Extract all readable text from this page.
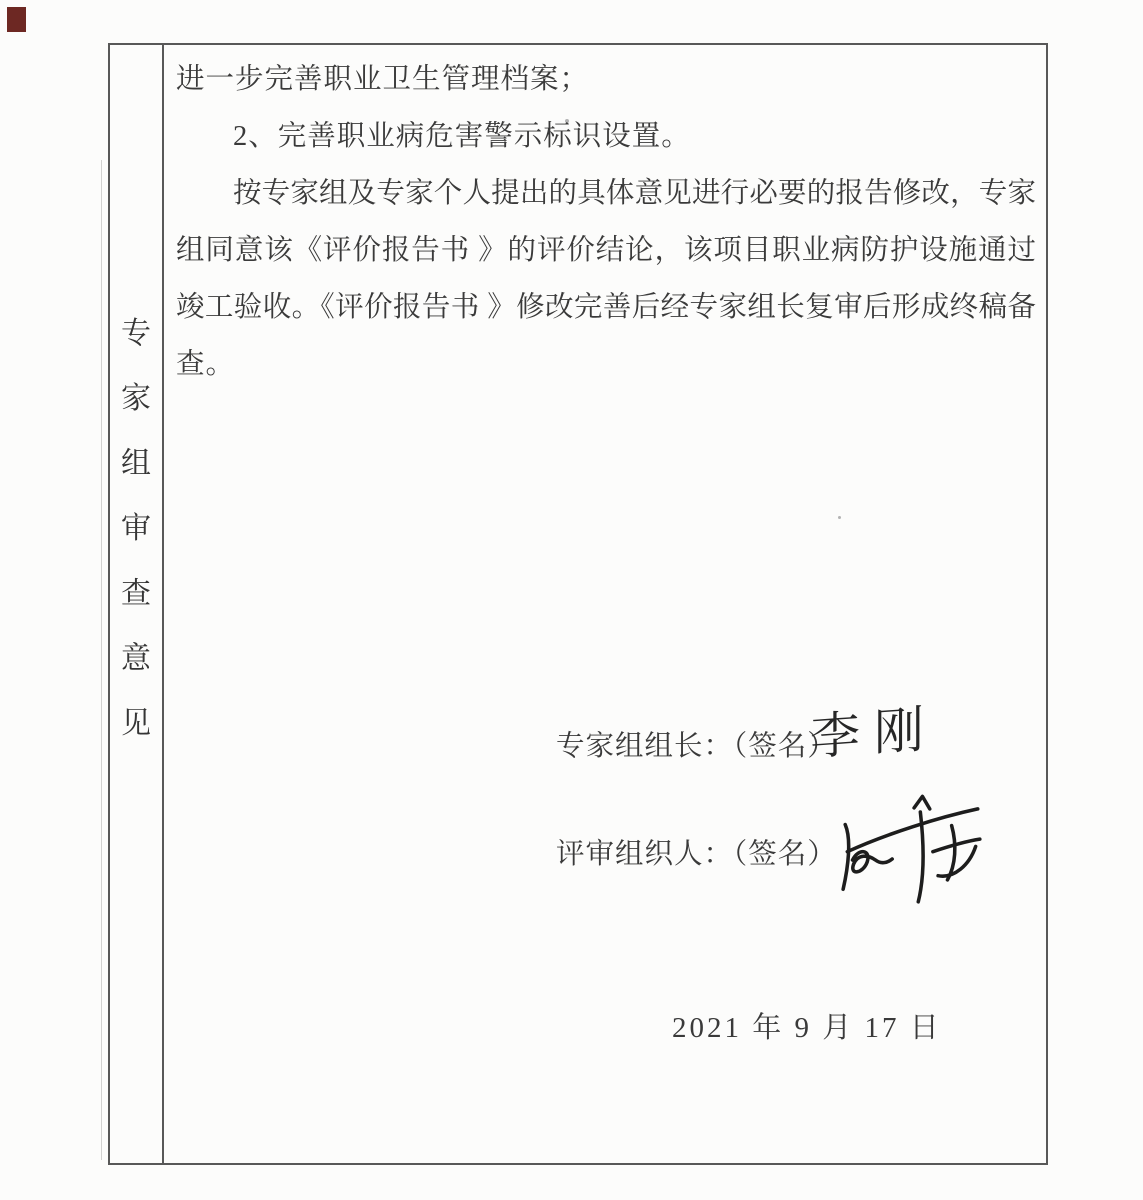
专
家
组
审
查
意
见
进一步完善职业卫生管理档案；
2、完善职业病危害警示标识设置。
按专家组及专家个人提出的具体意见进行必要的报告修改，专家
组同意该《评价报告书 》的评价结论，该项目职业病防护设施通过
竣工验收。《评价报告书 》修改完善后经专家组长复审后形成终稿备
查。
专家组组长：（签名）
李刚
评审组织人：（签名）
2021 年 9 月 17 日
